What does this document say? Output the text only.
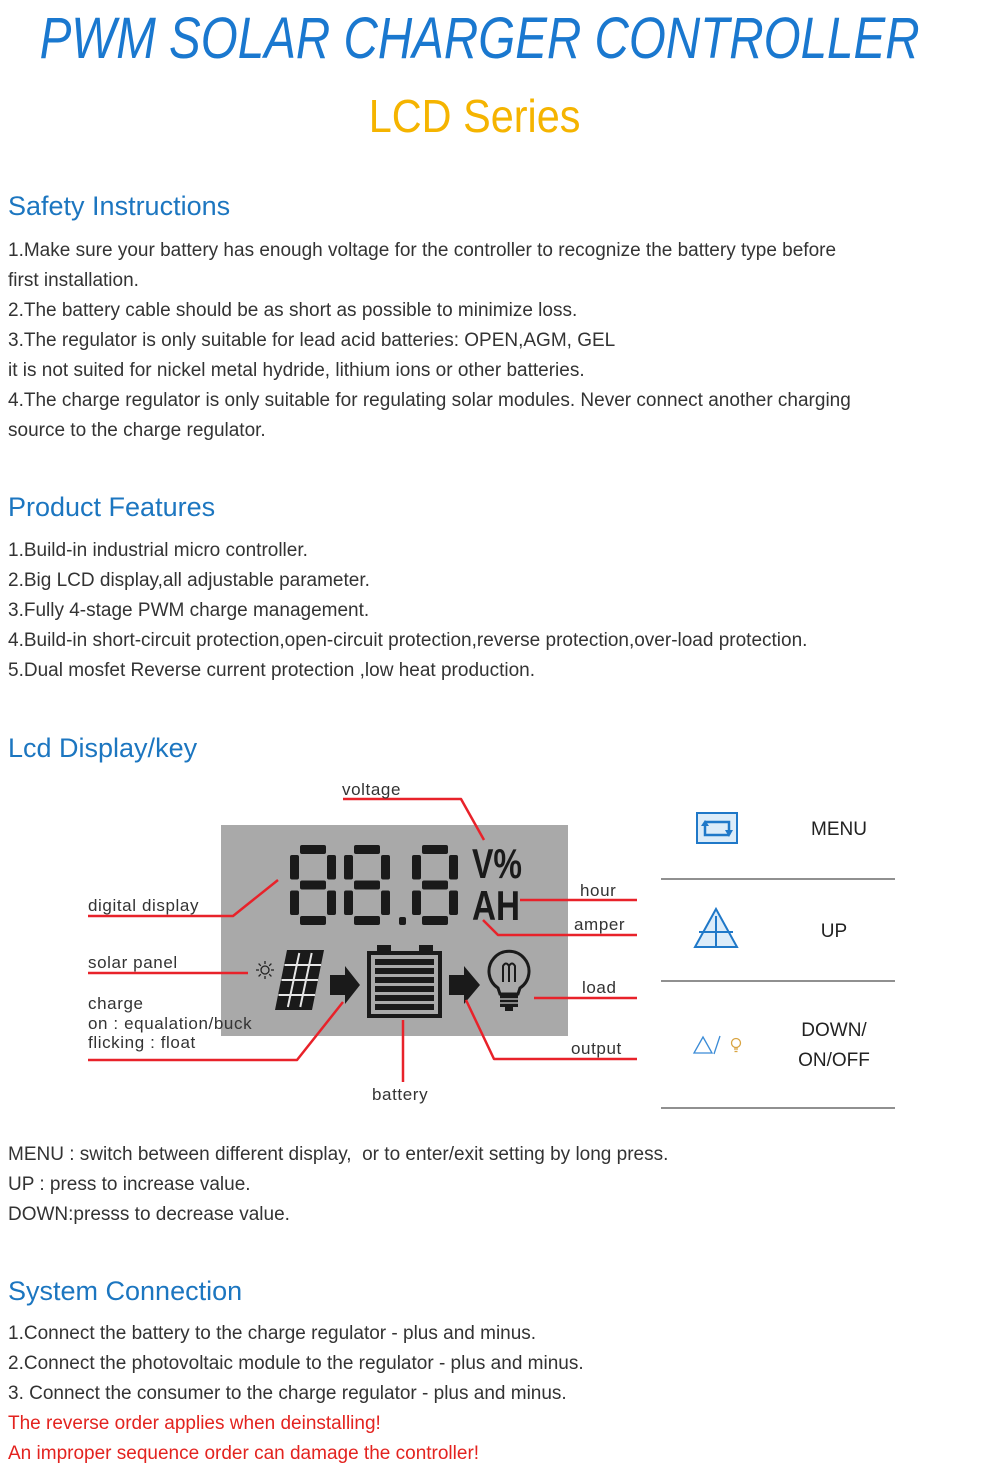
PWM SOLAR CHARGER CONTROLLER
LCD Series
Safety Instructions
1.Make sure your battery has enough voltage for the controller to recognize the battery type before
first installation.
2.The battery cable should be as short as possible to minimize loss.
3.The regulator is only suitable for lead acid batteries: OPEN,AGM, GEL
it is not suited for nickel metal hydride, lithium ions or other batteries.
4.The charge regulator is only suitable for regulating solar modules. Never connect another charging
source to the charge regulator.
Product Features
1.Build-in industrial micro controller.
2.Big LCD display,all adjustable parameter.
3.Fully 4-stage PWM charge management.
4.Build-in short-circuit protection,open-circuit protection,reverse protection,over-load protection.
5.Dual mosfet Reverse current protection ,low heat production.
Lcd Display/key
V%
AH
voltage
digital display
solar panel
charge
on : equalation/buck
flicking : float
hour
amper
load
output
battery
MENU
UP
DOWN/
ON/OFF
MENU : switch between different display,  or to enter/exit setting by long press.
UP : press to increase value.
DOWN:presss to decrease value.
System Connection
1.Connect the battery to the charge regulator - plus and minus.
2.Connect the photovoltaic module to the regulator - plus and minus.
3. Connect the consumer to the charge regulator - plus and minus.
The reverse order applies when deinstalling!
An improper sequence order can damage the controller!
